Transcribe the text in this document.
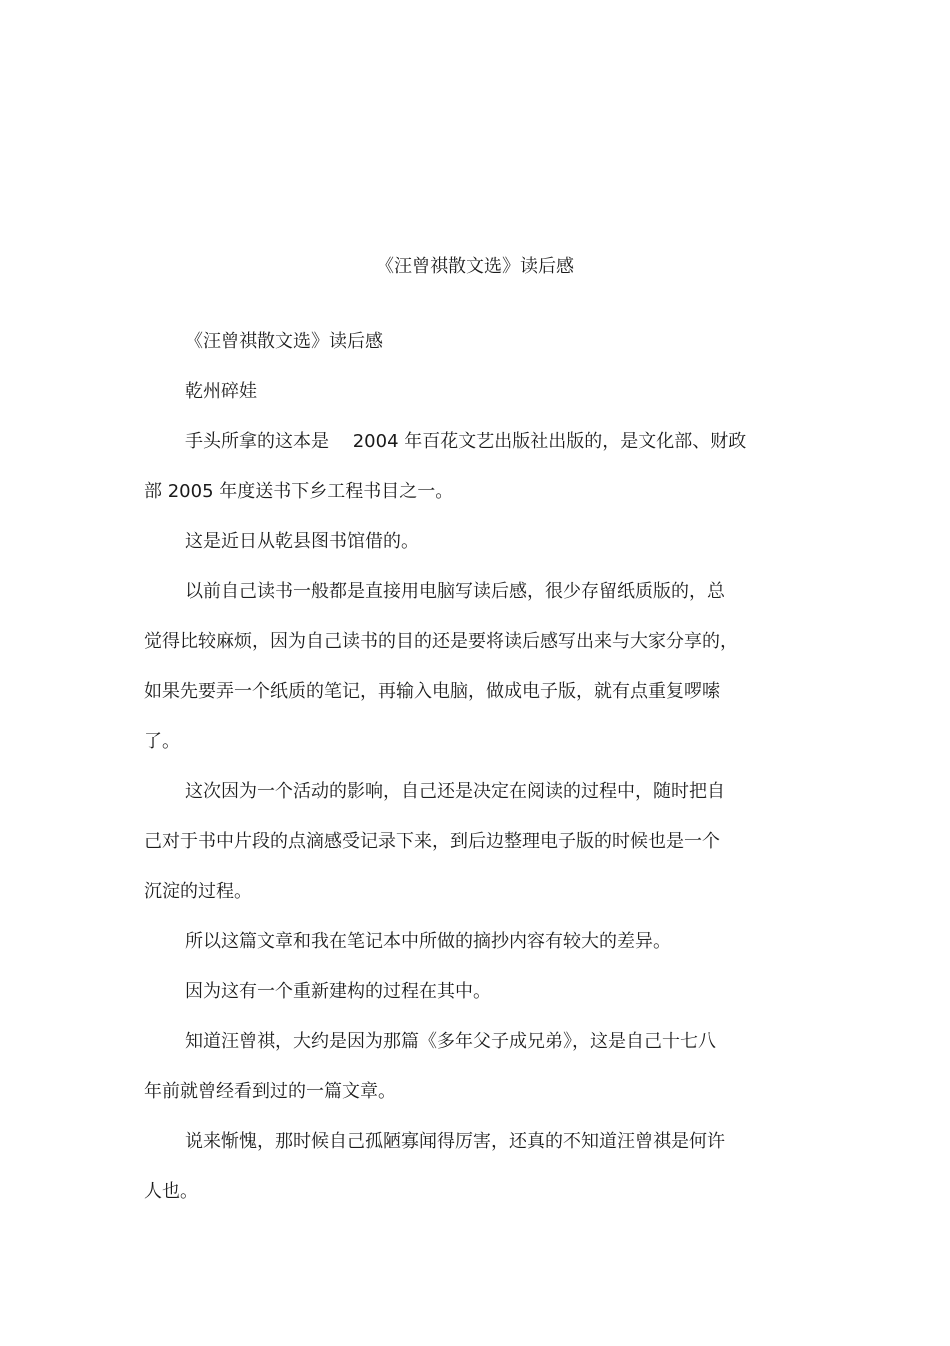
《汪曾祺散文选》读后感
《汪曾祺散文选》读后感
乾州碎娃
手头所拿的这本是　 2004 年百花文艺出版社出版的，是文化部、财政
部 2005 年度送书下乡工程书目之一。
这是近日从乾县图书馆借的。
以前自己读书一般都是直接用电脑写读后感，很少存留纸质版的，总
觉得比较麻烦，因为自己读书的目的还是要将读后感写出来与大家分享的，
如果先要弄一个纸质的笔记，再输入电脑，做成电子版，就有点重复啰嗦
了。
这次因为一个活动的影响，自己还是决定在阅读的过程中，随时把自
己对于书中片段的点滴感受记录下来，到后边整理电子版的时候也是一个
沉淀的过程。
所以这篇文章和我在笔记本中所做的摘抄内容有较大的差异。
因为这有一个重新建构的过程在其中。
知道汪曾祺，大约是因为那篇《多年父子成兄弟》，这是自己十七八
年前就曾经看到过的一篇文章。
说来惭愧，那时候自己孤陋寡闻得厉害，还真的不知道汪曾祺是何许
人也。
